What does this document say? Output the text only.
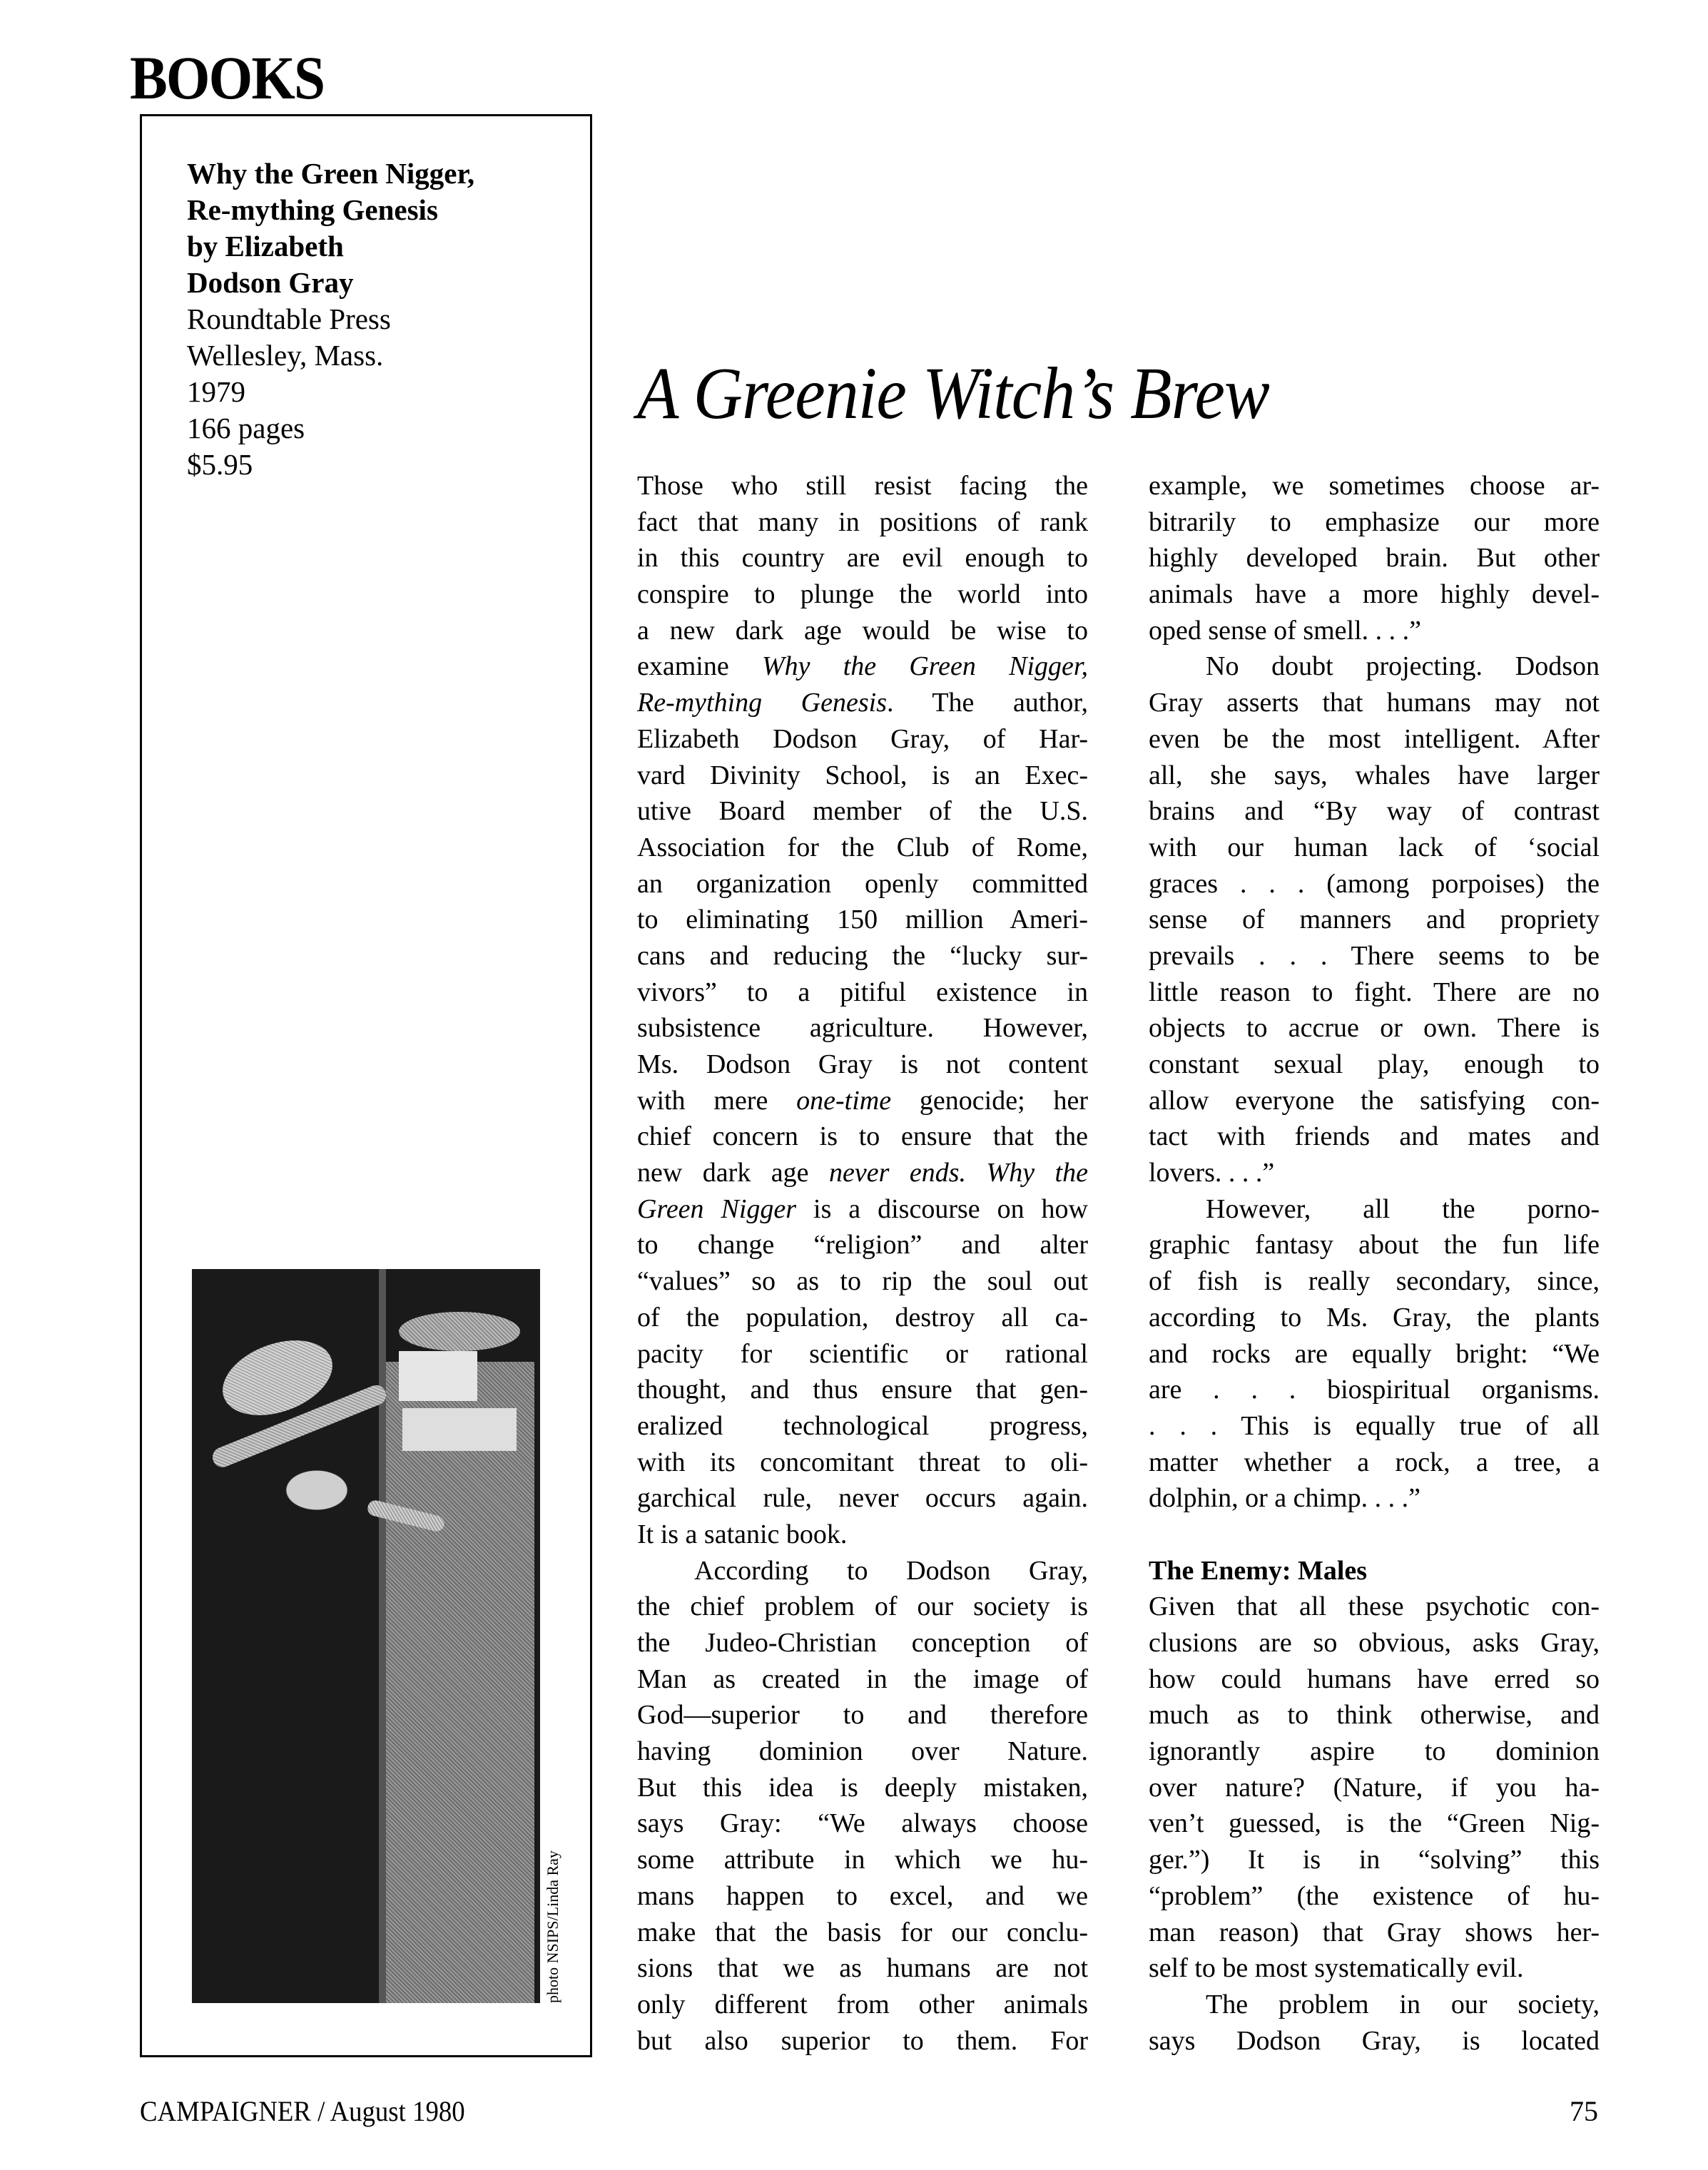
BOOKS
Why the Green Nigger,
Re-mything Genesis
by Elizabeth
Dodson Gray
Roundtable Press
Wellesley, Mass.
1979
166 pages
$5.95
photo NSIPS/Linda Ray
A Greenie Witch’s Brew
Those who still resist facing the
fact that many in positions of rank
in this country are evil enough to
conspire to plunge the world into
a new dark age would be wise to
examine Why the Green Nigger,
Re-mything Genesis. The author,
Elizabeth Dodson Gray, of Har-
vard Divinity School, is an Exec-
utive Board member of the U.S.
Association for the Club of Rome,
an organization openly committed
to eliminating 150 million Ameri-
cans and reducing the “lucky sur-
vivors” to a pitiful existence in
subsistence agriculture. However,
Ms. Dodson Gray is not content
with mere one-time genocide; her
chief concern is to ensure that the
new dark age never ends. Why the
Green Nigger is a discourse on how
to change “religion” and alter
“values” so as to rip the soul out
of the population, destroy all ca-
pacity for scientific or rational
thought, and thus ensure that gen-
eralized technological progress,
with its concomitant threat to oli-
garchical rule, never occurs again.
It is a satanic book.
According to Dodson Gray,
the chief problem of our society is
the Judeo-Christian conception of
Man as created in the image of
God—superior to and therefore
having dominion over Nature.
But this idea is deeply mistaken,
says Gray: “We always choose
some attribute in which we hu-
mans happen to excel, and we
make that the basis for our conclu-
sions that we as humans are not
only different from other animals
but also superior to them. For
example, we sometimes choose ar-
bitrarily to emphasize our more
highly developed brain. But other
animals have a more highly devel-
oped sense of smell. . . .”
No doubt projecting. Dodson
Gray asserts that humans may not
even be the most intelligent. After
all, she says, whales have larger
brains and “By way of contrast
with our human lack of ‘social
graces . . . (among porpoises) the
sense of manners and propriety
prevails . . . There seems to be
little reason to fight. There are no
objects to accrue or own. There is
constant sexual play, enough to
allow everyone the satisfying con-
tact with friends and mates and
lovers. . . .”
However, all the porno-
graphic fantasy about the fun life
of fish is really secondary, since,
according to Ms. Gray, the plants
and rocks are equally bright: “We
are . . . biospiritual organisms.
. . . This is equally true of all
matter whether a rock, a tree, a
dolphin, or a chimp. . . .”
The Enemy: Males
Given that all these psychotic con-
clusions are so obvious, asks Gray,
how could humans have erred so
much as to think otherwise, and
ignorantly aspire to dominion
over nature? (Nature, if you ha-
ven’t guessed, is the “Green Nig-
ger.”) It is in “solving” this
“problem” (the existence of hu-
man reason) that Gray shows her-
self to be most systematically evil.
The problem in our society,
says Dodson Gray, is located
CAMPAIGNER / August 1980	75
